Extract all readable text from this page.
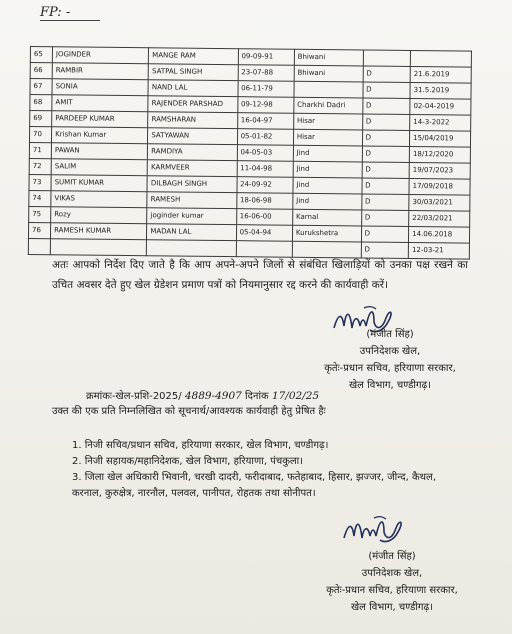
FP: -
65	JOGINDER	MANGE RAM	09-09-91	Bhiwani		
66	RAMBIR	SATPAL SINGH	23-07-88	Bhiwani	D	21.6.2019
67	SONIA	NAND LAL	06-11-79		D	31.5.2019
68	AMIT	RAJENDER PARSHAD	09-12-98	Charkhi Dadri	D	02-04-2019
69	PARDEEP KUMAR	RAMSHARAN	16-04-97	Hisar	D	14-3-2022
70	Krishan Kumar	SATYAWAN	05-01-82	Hisar	D	15/04/2019
71	PAWAN	RAMDIYA	04-05-03	Jind	D	18/12/2020
72	SALIM	KARMVEER	11-04-98	Jind	D	19/07/2023
73	SUMIT KUMAR	DILBAGH SINGH	24-09-92	Jind	D	17/09/2018
74	VIKAS	RAMESH	18-06-98	Jind	D	30/03/2021
75	Rozy	joginder kumar	16-06-00	Karnal	D	22/03/2021
76	RAMESH KUMAR	MADAN LAL	05-04-94	Kurukshetra	D	14.06.2018
					D	12-03-21
अतः आपको निर्देश दिए जाते है कि आप अपने-अपने जिलों से संबंधित खिलाड़ियों को उनका पक्ष रखने का उचित अवसर देते हुए खेल ग्रेडेशन प्रमाण पत्रों को नियमानुसार रद्द करने की कार्यवाही करें।
(मंजीत सिंह)
उपनिदेशक खेल,
कृतेः-प्रधान सचिव, हरियाणा सरकार,
खेल विभाग, चण्डीगढ़।
क्रमांकः-खेल-प्रशि-2025/ 4889-4907 दिनांक 17/02/25
उक्त की एक प्रति निम्नलिखित को सूचनार्थ/आवश्यक कार्यवाही हेतु प्रेषित हैः
1. निजी सचिव/प्रधान सचिव, हरियाणा सरकार, खेल विभाग, चण्डीगढ़।
2. निजी सहायक/महानिदेशक, खेल विभाग, हरियाणा, पंचकुला।
3. जिला खेल अधिकारी भिवानी, चरखी दादरी, फरीदाबाद, फतेहाबाद, हिसार, झज्जर, जीन्द, कैथल, करनाल, कुरुक्षेत्र, नारनौल, पलवल, पानीपत, रोहतक तथा सोनीपत।
(मंजीत सिंह)
उपनिदेशक खेल,
कृतेः-प्रधान सचिव, हरियाणा सरकार,
खेल विभाग, चण्डीगढ़।
